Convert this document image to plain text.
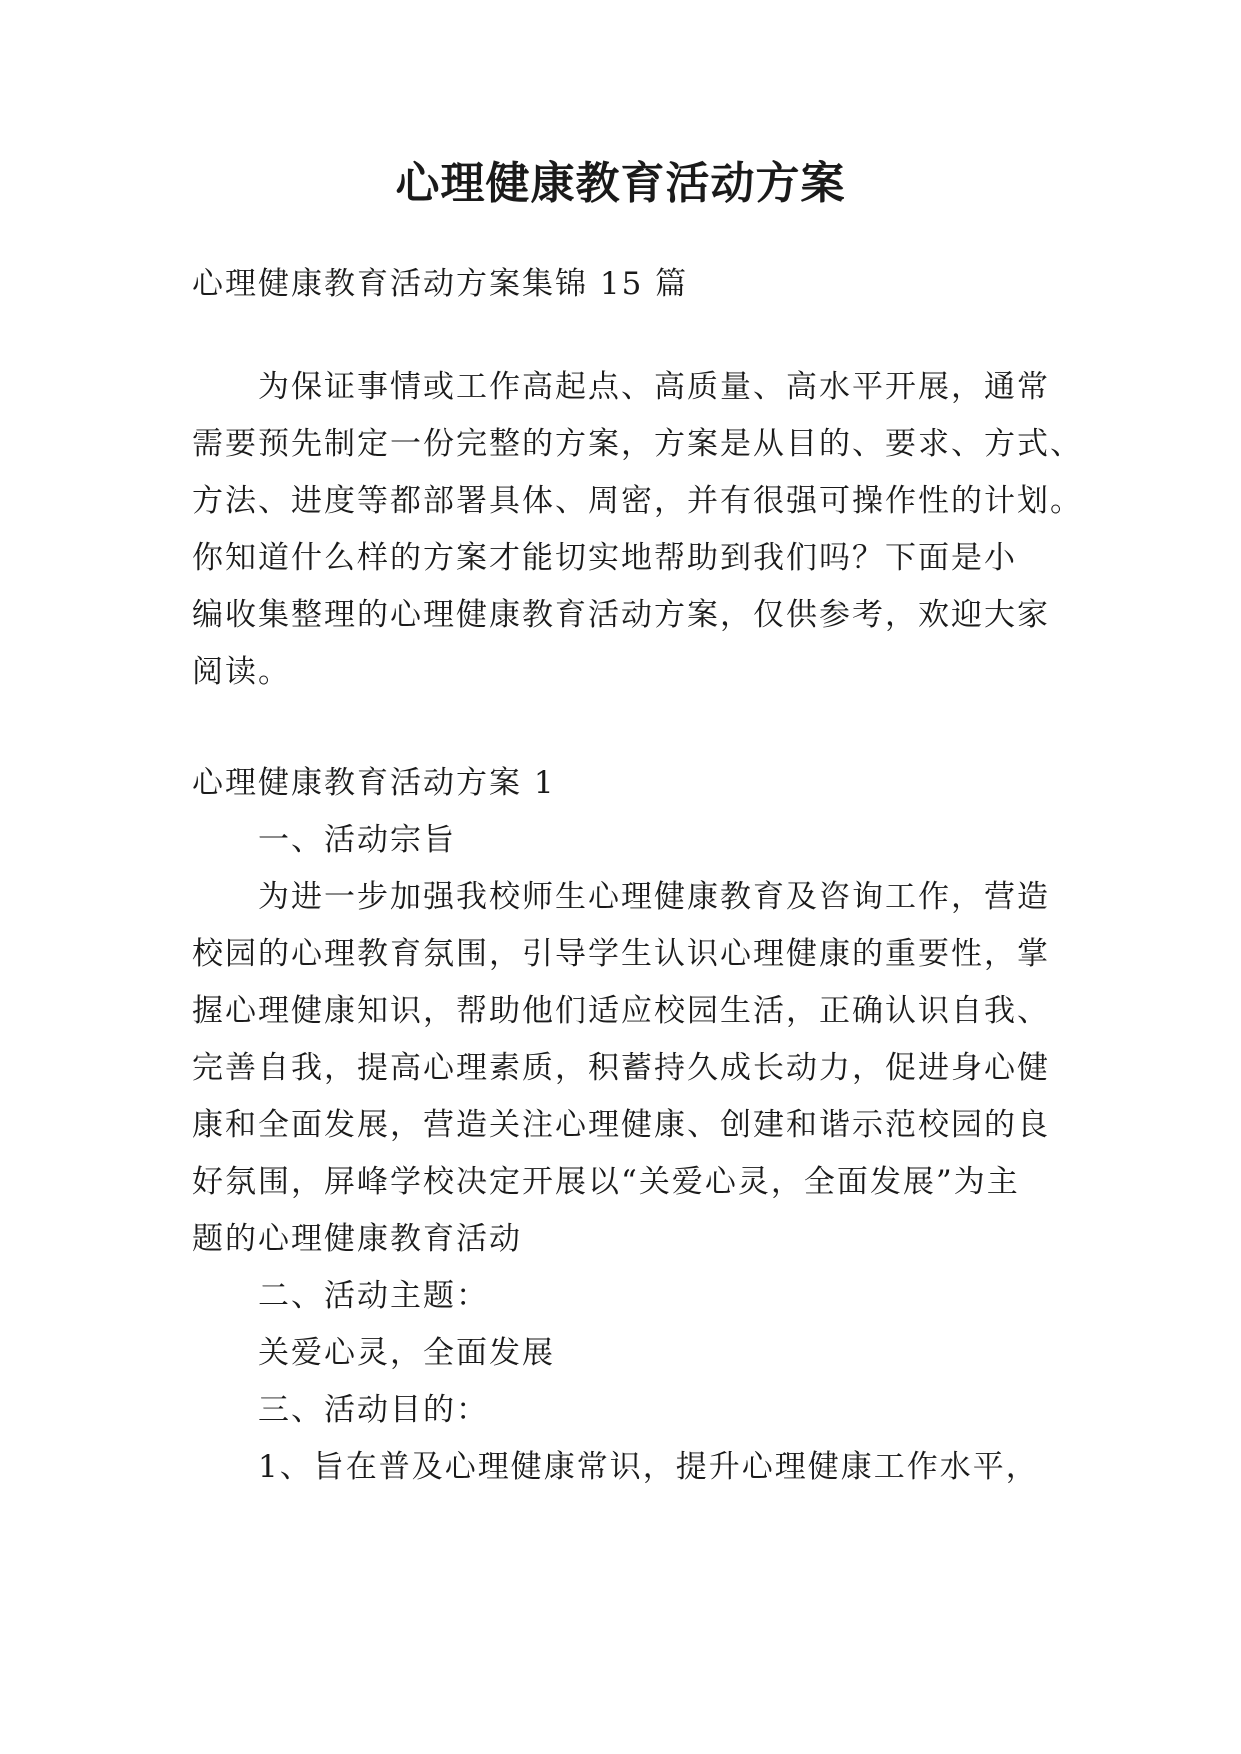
心理健康教育活动方案
心理健康教育活动方案集锦 15 篇
为保证事情或工作高起点、高质量、高水平开展，通常
需要预先制定一份完整的方案，方案是从目的、要求、方式、
方法、进度等都部署具体、周密，并有很强可操作性的计划。
你知道什么样的方案才能切实地帮助到我们吗？下面是小
编收集整理的心理健康教育活动方案，仅供参考，欢迎大家
阅读。
心理健康教育活动方案 1
一、活动宗旨
为进一步加强我校师生心理健康教育及咨询工作，营造
校园的心理教育氛围，引导学生认识心理健康的重要性，掌
握心理健康知识，帮助他们适应校园生活，正确认识自我、
完善自我，提高心理素质，积蓄持久成长动力，促进身心健
康和全面发展，营造关注心理健康、创建和谐示范校园的良
好氛围，屏峰学校决定开展以“关爱心灵，全面发展”为主
题的心理健康教育活动
二、活动主题：
关爱心灵，全面发展
三、活动目的：
1、旨在普及心理健康常识，提升心理健康工作水平，
